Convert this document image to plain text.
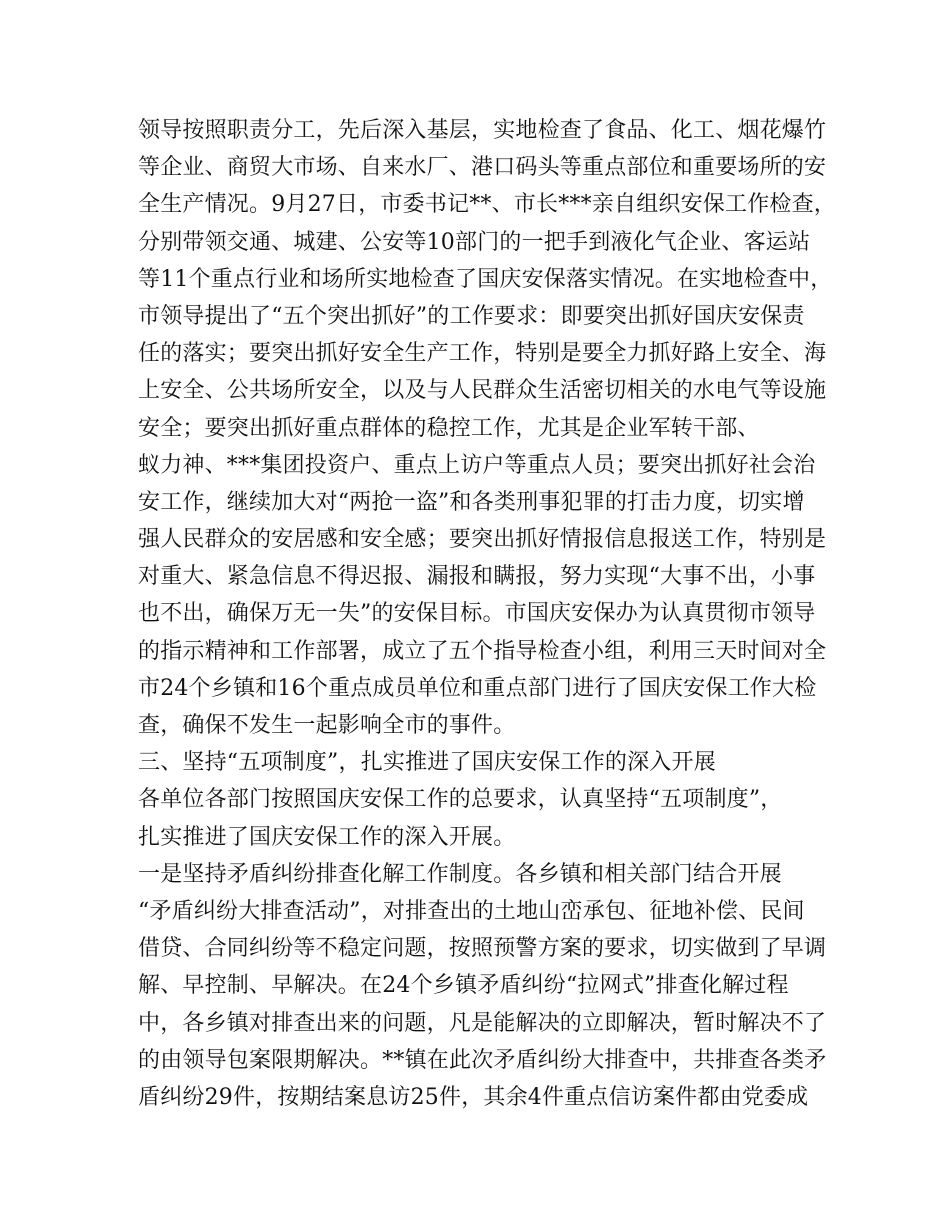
领导按照职责分工，先后深入基层，实地检查了食品、化工、烟花爆竹
等企业、商贸大市场、自来水厂、港口码头等重点部位和重要场所的安
全生产情况。9月27日，市委书记**、市长***亲自组织安保工作检查，
分别带领交通、城建、公安等10部门的一把手到液化气企业、客运站
等11个重点行业和场所实地检查了国庆安保落实情况。在实地检查中，
市领导提出了“五个突出抓好”的工作要求：即要突出抓好国庆安保责
任的落实；要突出抓好安全生产工作，特别是要全力抓好路上安全、海
上安全、公共场所安全，以及与人民群众生活密切相关的水电气等设施
安全；要突出抓好重点群体的稳控工作，尤其是企业军转干部、
蚁力神、***集团投资户、重点上访户等重点人员；要突出抓好社会治
安工作，继续加大对“两抢一盗”和各类刑事犯罪的打击力度，切实增
强人民群众的安居感和安全感；要突出抓好情报信息报送工作，特别是
对重大、紧急信息不得迟报、漏报和瞒报，努力实现“大事不出，小事
也不出，确保万无一失”的安保目标。市国庆安保办为认真贯彻市领导
的指示精神和工作部署，成立了五个指导检查小组，利用三天时间对全
市24个乡镇和16个重点成员单位和重点部门进行了国庆安保工作大检
查，确保不发生一起影响全市的事件。
三、坚持“五项制度”，扎实推进了国庆安保工作的深入开展
各单位各部门按照国庆安保工作的总要求，认真坚持“五项制度”，
扎实推进了国庆安保工作的深入开展。
一是坚持矛盾纠纷排查化解工作制度。各乡镇和相关部门结合开展
“矛盾纠纷大排查活动”，对排查出的土地山峦承包、征地补偿、民间
借贷、合同纠纷等不稳定问题，按照预警方案的要求，切实做到了早调
解、早控制、早解决。在24个乡镇矛盾纠纷“拉网式”排查化解过程
中，各乡镇对排查出来的问题，凡是能解决的立即解决，暂时解决不了
的由领导包案限期解决。**镇在此次矛盾纠纷大排查中，共排查各类矛
盾纠纷29件，按期结案息访25件，其余4件重点信访案件都由党委成
